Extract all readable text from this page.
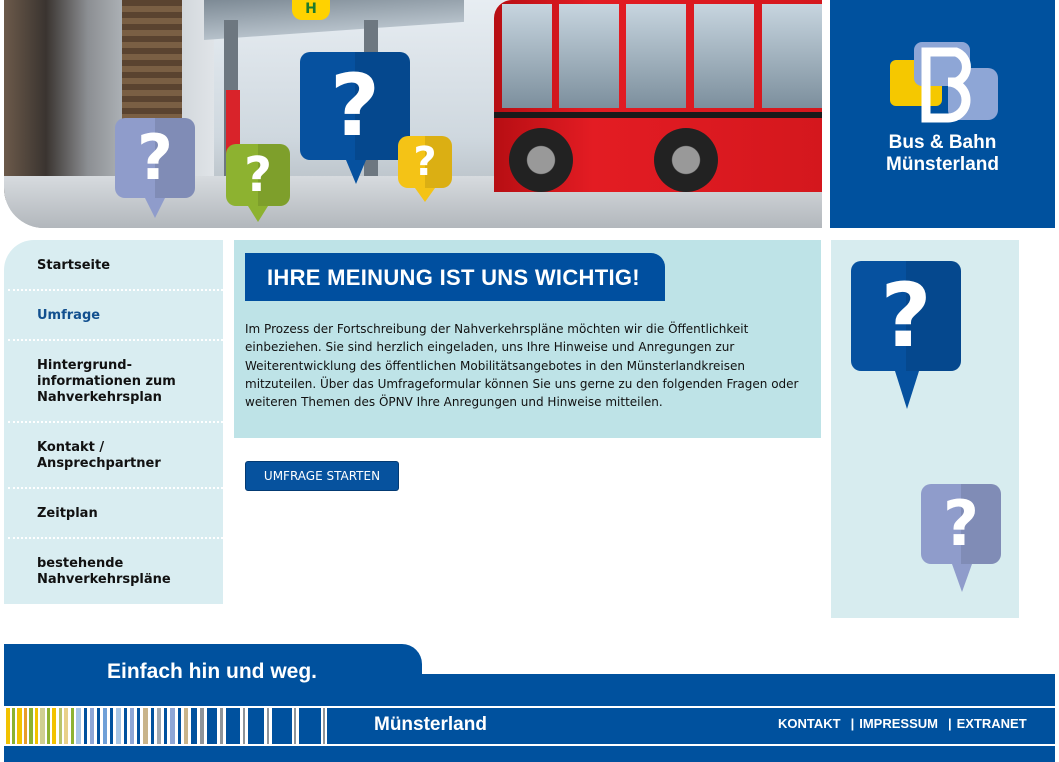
H
?	?
?
?	Bus & Bahn
Münsterland
Startseite
Umfrage
Hintergrund-
informationen zum
Nahverkehrsplan
Kontakt /
Ansprechpartner
Zeitplan
bestehende
Nahverkehrspläne
IHRE MEINUNG IST UNS WICHTIG!
Im Prozess der Fortschreibung der Nahverkehrspläne möchten wir die Öffentlichkeit einbeziehen. Sie sind herzlich eingeladen, uns Ihre Hinweise und Anregungen zur Weiterentwicklung des öffentlichen Mobilitätsangebotes in den Münsterlandkreisen mitzuteilen. Über das Umfrageformular können Sie uns gerne zu den folgenden Fragen oder weiteren Themen des ÖPNV Ihre Anregungen und Hinweise mitteilen.
UMFRAGE STARTEN
?
?
Einfach hin und weg.
Münsterland	KONTAKT | IMPRESSUM | EXTRANET
